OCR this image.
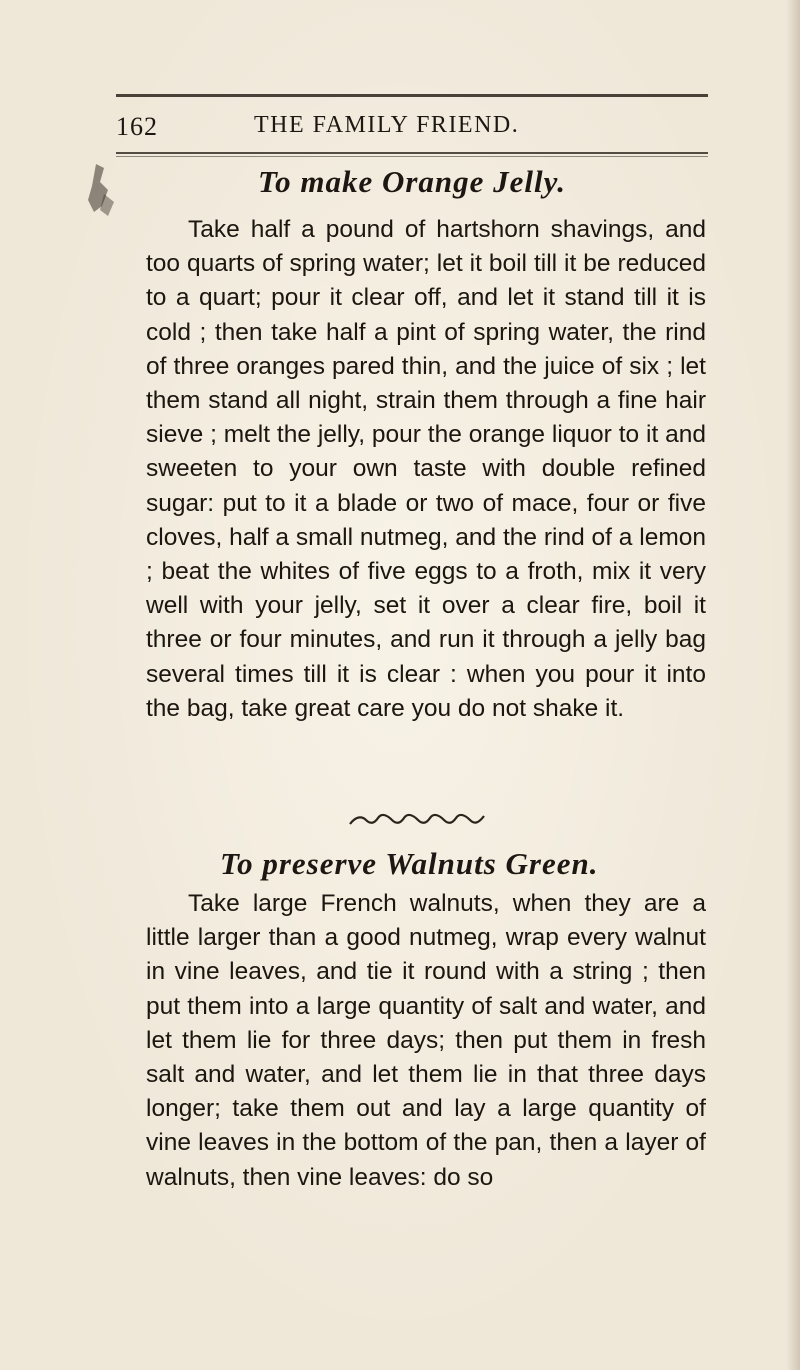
162	THE FAMILY FRIEND.
To make Orange Jelly.
Take half a pound of hartshorn shavings, and too quarts of spring water; let it boil till it be reduced to a quart; pour it clear off, and let it stand till it is cold ; then take half a pint of spring water, the rind of three oranges pared thin, and the juice of six ; let them stand all night, strain them through a fine hair sieve ; melt the jelly, pour the orange liquor to it and sweeten to your own taste with double refined sugar: put to it a blade or two of mace, four or five cloves, half a small nutmeg, and the rind of a lemon ; beat the whites of five eggs to a froth, mix it very well with your jelly, set it over a clear fire, boil it three or four minutes, and run it through a jelly bag several times till it is clear : when you pour it into the bag, take great care you do not shake it.
To preserve Walnuts Green.
Take large French walnuts, when they are a little larger than a good nutmeg, wrap every walnut in vine leaves, and tie it round with a string ; then put them into a large quantity of salt and water, and let them lie for three days; then put them in fresh salt and water, and let them lie in that three days longer; take them out and lay a large quantity of vine leaves in the bottom of the pan, then a layer of walnuts, then vine leaves: do so
